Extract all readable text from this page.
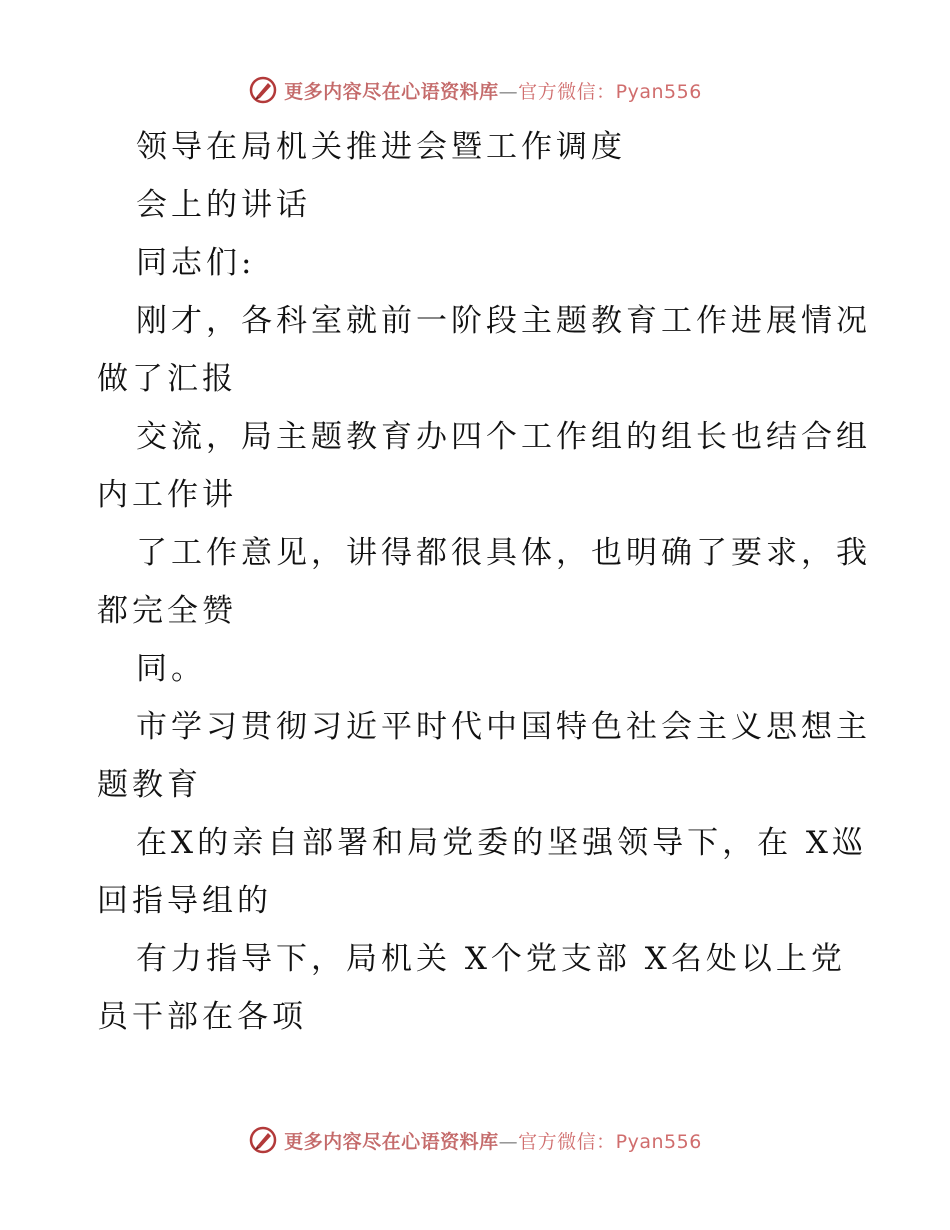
更多内容尽在心语资料库—官方微信：Pyan556
领导在局机关推进会暨工作调度
会上的讲话
同志们:
刚才，各科室就前一阶段主题教育工作进展情况
做了汇报
交流，局主题教育办四个工作组的组长也结合组
内工作讲
了工作意见，讲得都很具体，也明确了要求，我
都完全赞
同。
市学习贯彻习近平时代中国特色社会主义思想主
题教育
在X的亲自部署和局党委的坚强领导下，在 X巡
回指导组的
有力指导下，局机关 X个党支部 X名处以上党
员干部在各项
更多内容尽在心语资料库—官方微信：Pyan556
